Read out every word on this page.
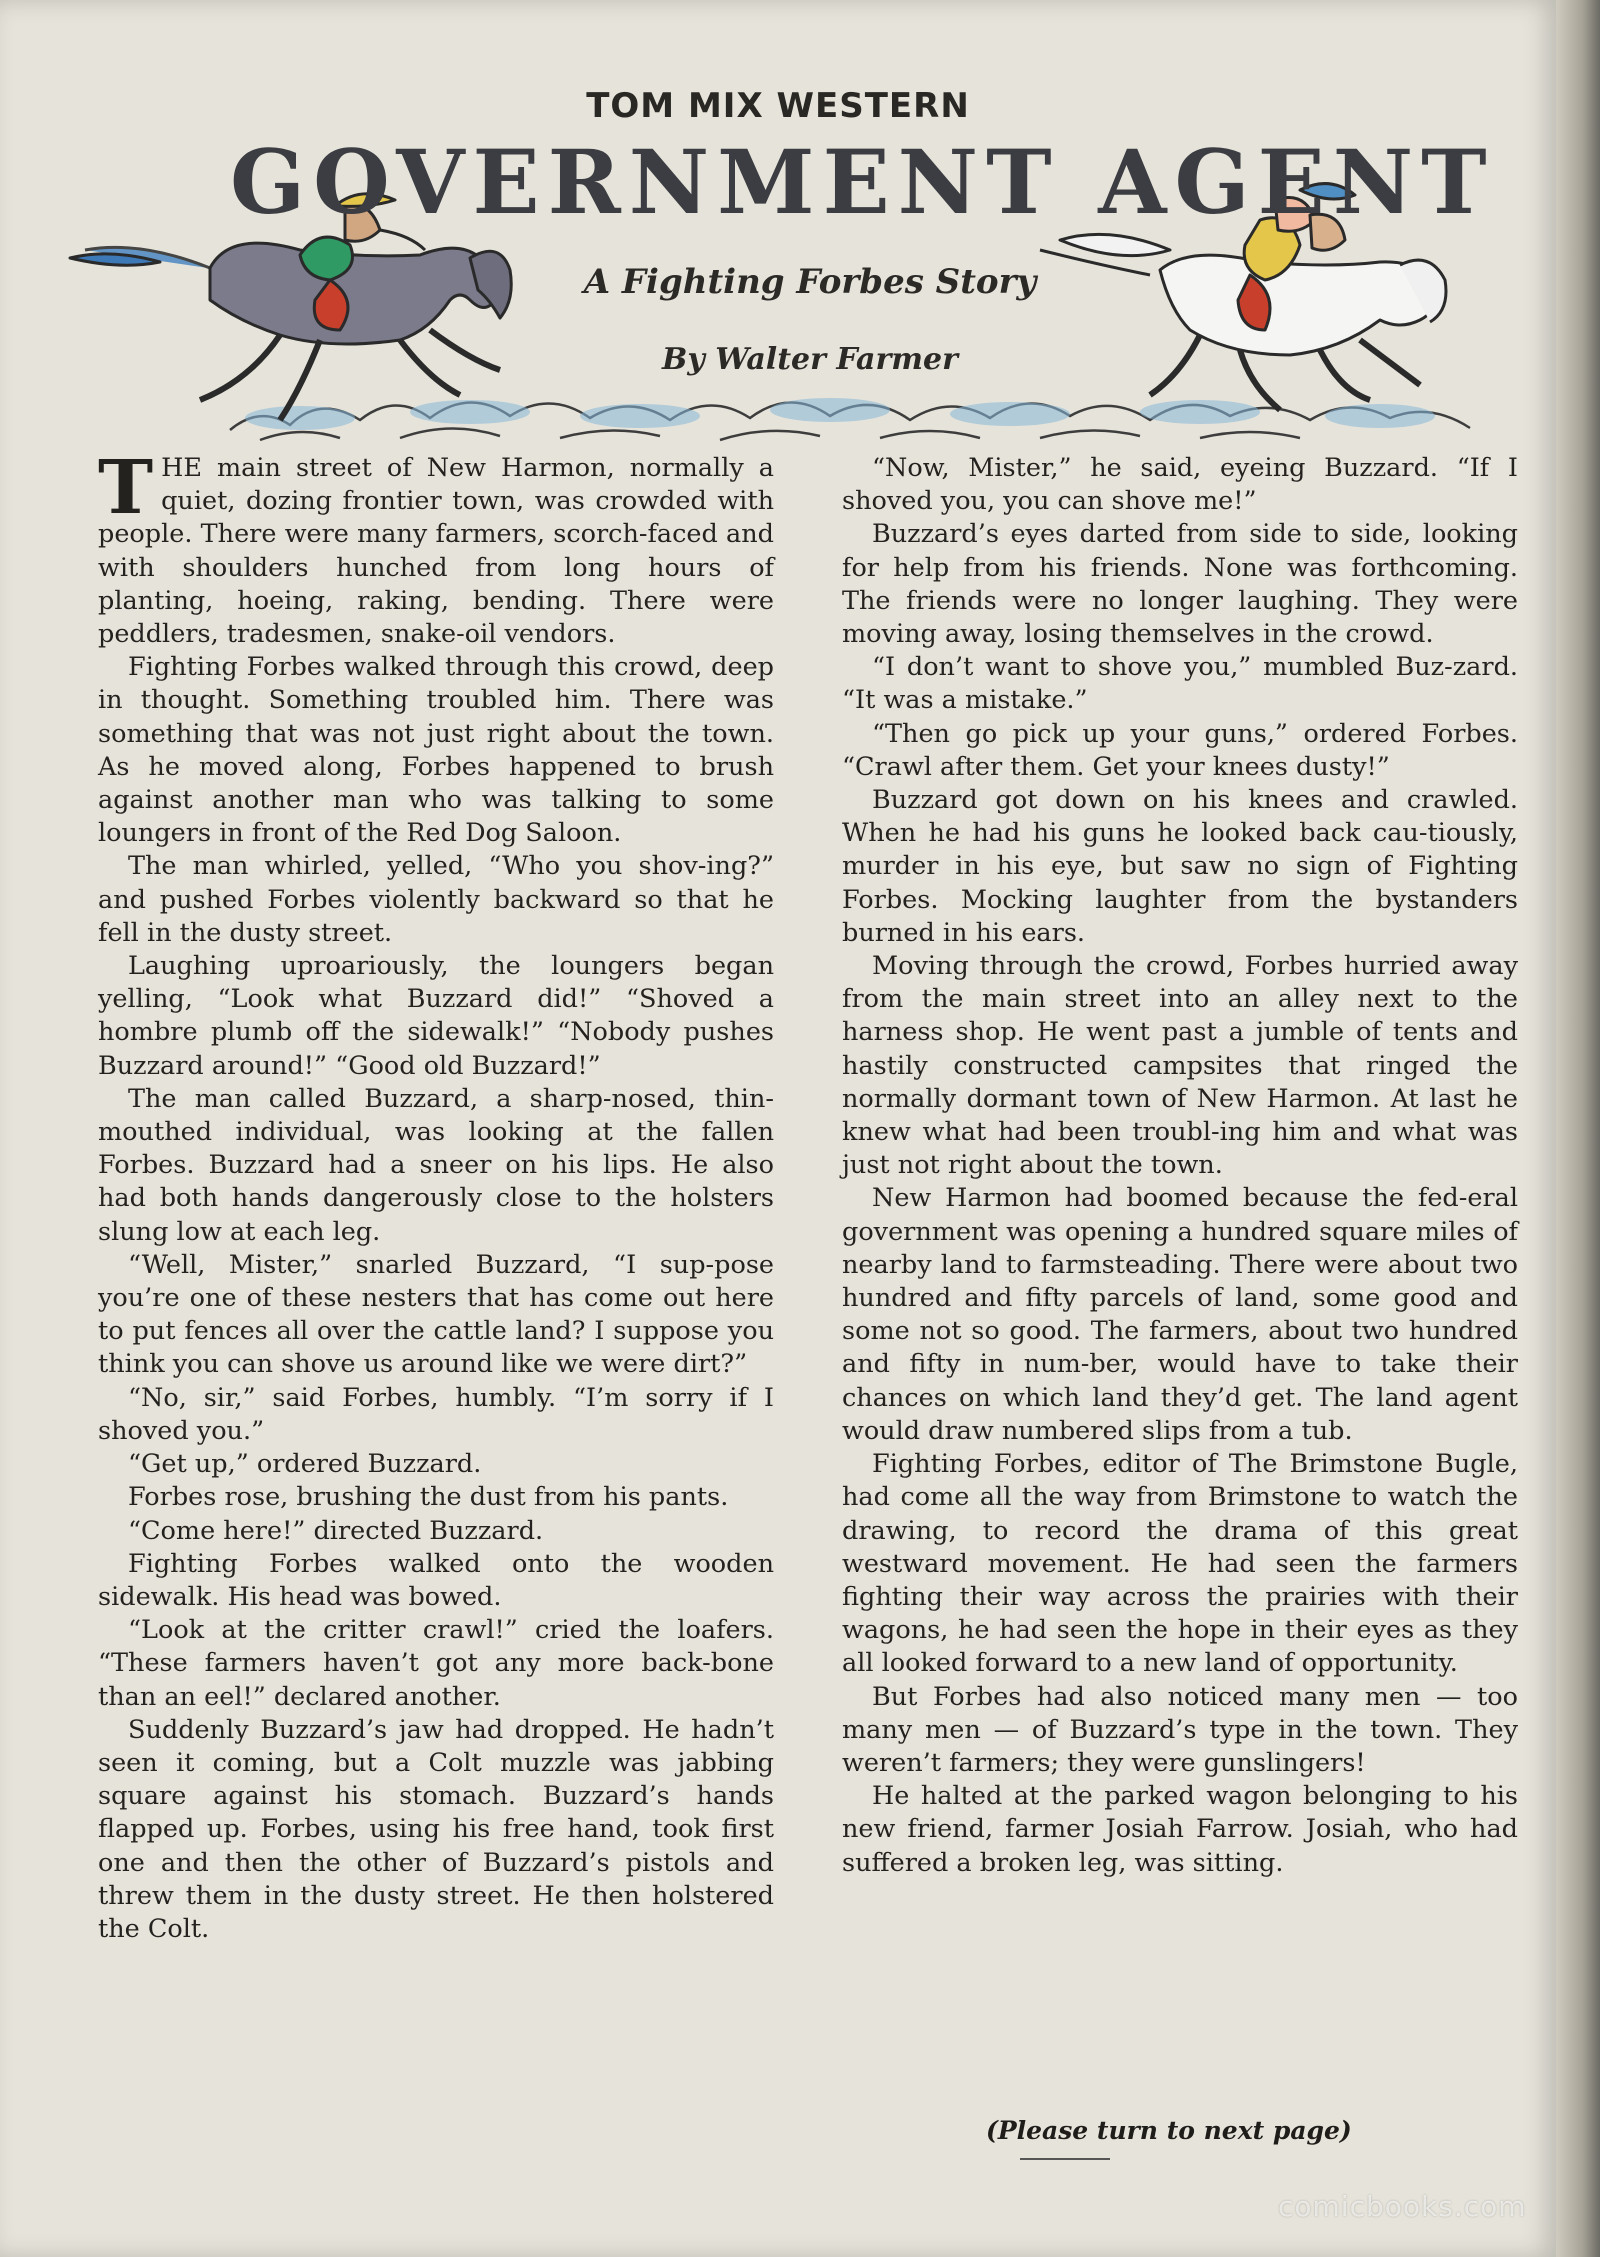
TOM MIX WESTERN
GOVERNMENT AGENT
A Fighting Forbes Story
By Walter Farmer

THE main street of New Harmon, normally a quiet, dozing frontier town, was crowded with people. There were many farmers, scorch-faced and with shoulders hunched from long hours of planting, hoeing, raking, bending. There were peddlers, tradesmen, snake-oil vendors.

Fighting Forbes walked through this crowd, deep in thought. Something troubled him. There was something that was not just right about the town. As he moved along, Forbes happened to brush against another man who was talking to some loungers in front of the Red Dog Saloon.

The man whirled, yelled, “Who you shov-ing?” and pushed Forbes violently backward so that he fell in the dusty street.

Laughing uproariously, the loungers began yelling, “Look what Buzzard did!” “Shoved a hombre plumb off the sidewalk!” “Nobody pushes Buzzard around!” “Good old Buzzard!”

The man called Buzzard, a sharp-nosed, thin-mouthed individual, was looking at the fallen Forbes. Buzzard had a sneer on his lips. He also had both hands dangerously close to the holsters slung low at each leg.

“Well, Mister,” snarled Buzzard, “I sup-pose you’re one of these nesters that has come out here to put fences all over the cattle land? I suppose you think you can shove us around like we were dirt?”

“No, sir,” said Forbes, humbly. “I’m sorry if I shoved you.”

“Get up,” ordered Buzzard.

Forbes rose, brushing the dust from his pants.

“Come here!” directed Buzzard.

Fighting Forbes walked onto the wooden sidewalk. His head was bowed.

“Look at the critter crawl!” cried the loafers. “These farmers haven’t got any more back-bone than an eel!” declared another.

Suddenly Buzzard’s jaw had dropped. He hadn’t seen it coming, but a Colt muzzle was jabbing square against his stomach. Buzzard’s hands flapped up. Forbes, using his free hand, took first one and then the other of Buzzard’s pistols and threw them in the dusty street. He then holstered the Colt.

“Now, Mister,” he said, eyeing Buzzard. “If I shoved you, you can shove me!”

Buzzard’s eyes darted from side to side, looking for help from his friends. None was forthcoming. The friends were no longer laughing. They were moving away, losing themselves in the crowd.

“I don’t want to shove you,” mumbled Buz-zard. “It was a mistake.”

“Then go pick up your guns,” ordered Forbes. “Crawl after them. Get your knees dusty!”

Buzzard got down on his knees and crawled. When he had his guns he looked back cau-tiously, murder in his eye, but saw no sign of Fighting Forbes. Mocking laughter from the bystanders burned in his ears.

Moving through the crowd, Forbes hurried away from the main street into an alley next to the harness shop. He went past a jumble of tents and hastily constructed campsites that ringed the normally dormant town of New Harmon. At last he knew what had been troubl-ing him and what was just not right about the town.

New Harmon had boomed because the fed-eral government was opening a hundred square miles of nearby land to farmsteading. There were about two hundred and fifty parcels of land, some good and some not so good. The farmers, about two hundred and fifty in num-ber, would have to take their chances on which land they’d get. The land agent would draw numbered slips from a tub.

Fighting Forbes, editor of The Brimstone Bugle, had come all the way from Brimstone to watch the drawing, to record the drama of this great westward movement. He had seen the farmers fighting their way across the prairies with their wagons, he had seen the hope in their eyes as they all looked forward to a new land of opportunity.

But Forbes had also noticed many men — too many men — of Buzzard’s type in the town. They weren’t farmers; they were gunslingers!

He halted at the parked wagon belonging to his new friend, farmer Josiah Farrow. Josiah, who had suffered a broken leg, was sitting.

(Please turn to next page)
comicbooks.com
